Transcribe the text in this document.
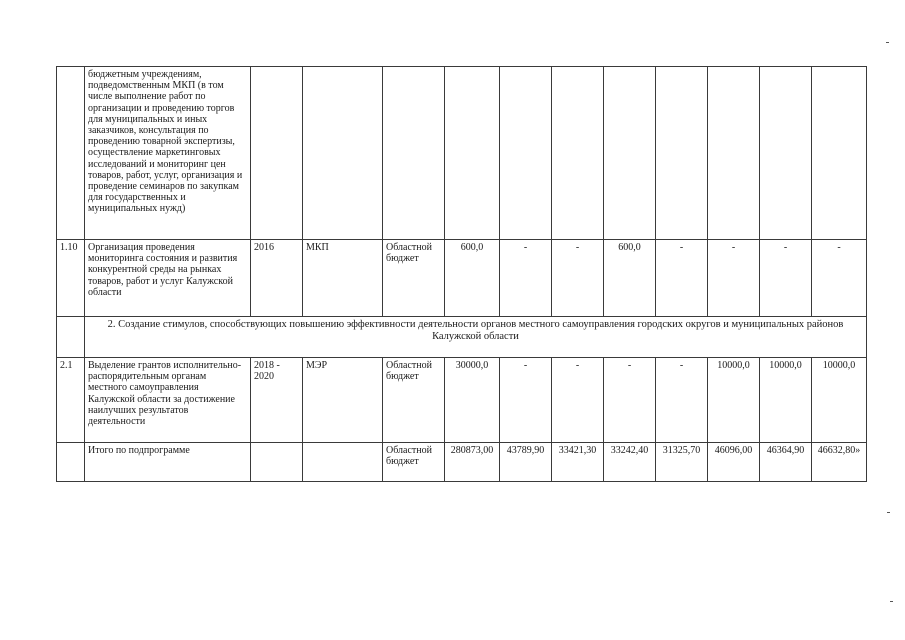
	бюджетным учреждениям, подведомственным МКП (в том числе выполнение работ по организации и проведению торгов для муниципальных и иных заказчиков, консультация по проведению товарной экспертизы, осуществление маркетинговых исследований и мониторинг цен товаров, работ, услуг, организация и проведение семинаров по закупкам для государственных и муниципальных нужд)											
1.10	Организация проведения мониторинга состояния и развития конкурентной среды на рынках товаров, работ и услуг Калужской области	2016	МКП	Областной бюджет	600,0	-	-	600,0	-	-	-	-
	2. Создание стимулов, способствующих повышению эффективности деятельности органов местного самоуправления городских округов и муниципальных районов Калужской области											
2.1	Выделение грантов исполнительно-распорядительным органам местного самоуправления Калужской области за достижение наилучших результатов деятельности	2018 - 2020	МЭР	Областной бюджет	30000,0	-	-	-	-	10000,0	10000,0	10000,0
	Итого по подпрограмме			Областной бюджет	280873,00	43789,90	33421,30	33242,40	31325,70	46096,00	46364,90	46632,80»
